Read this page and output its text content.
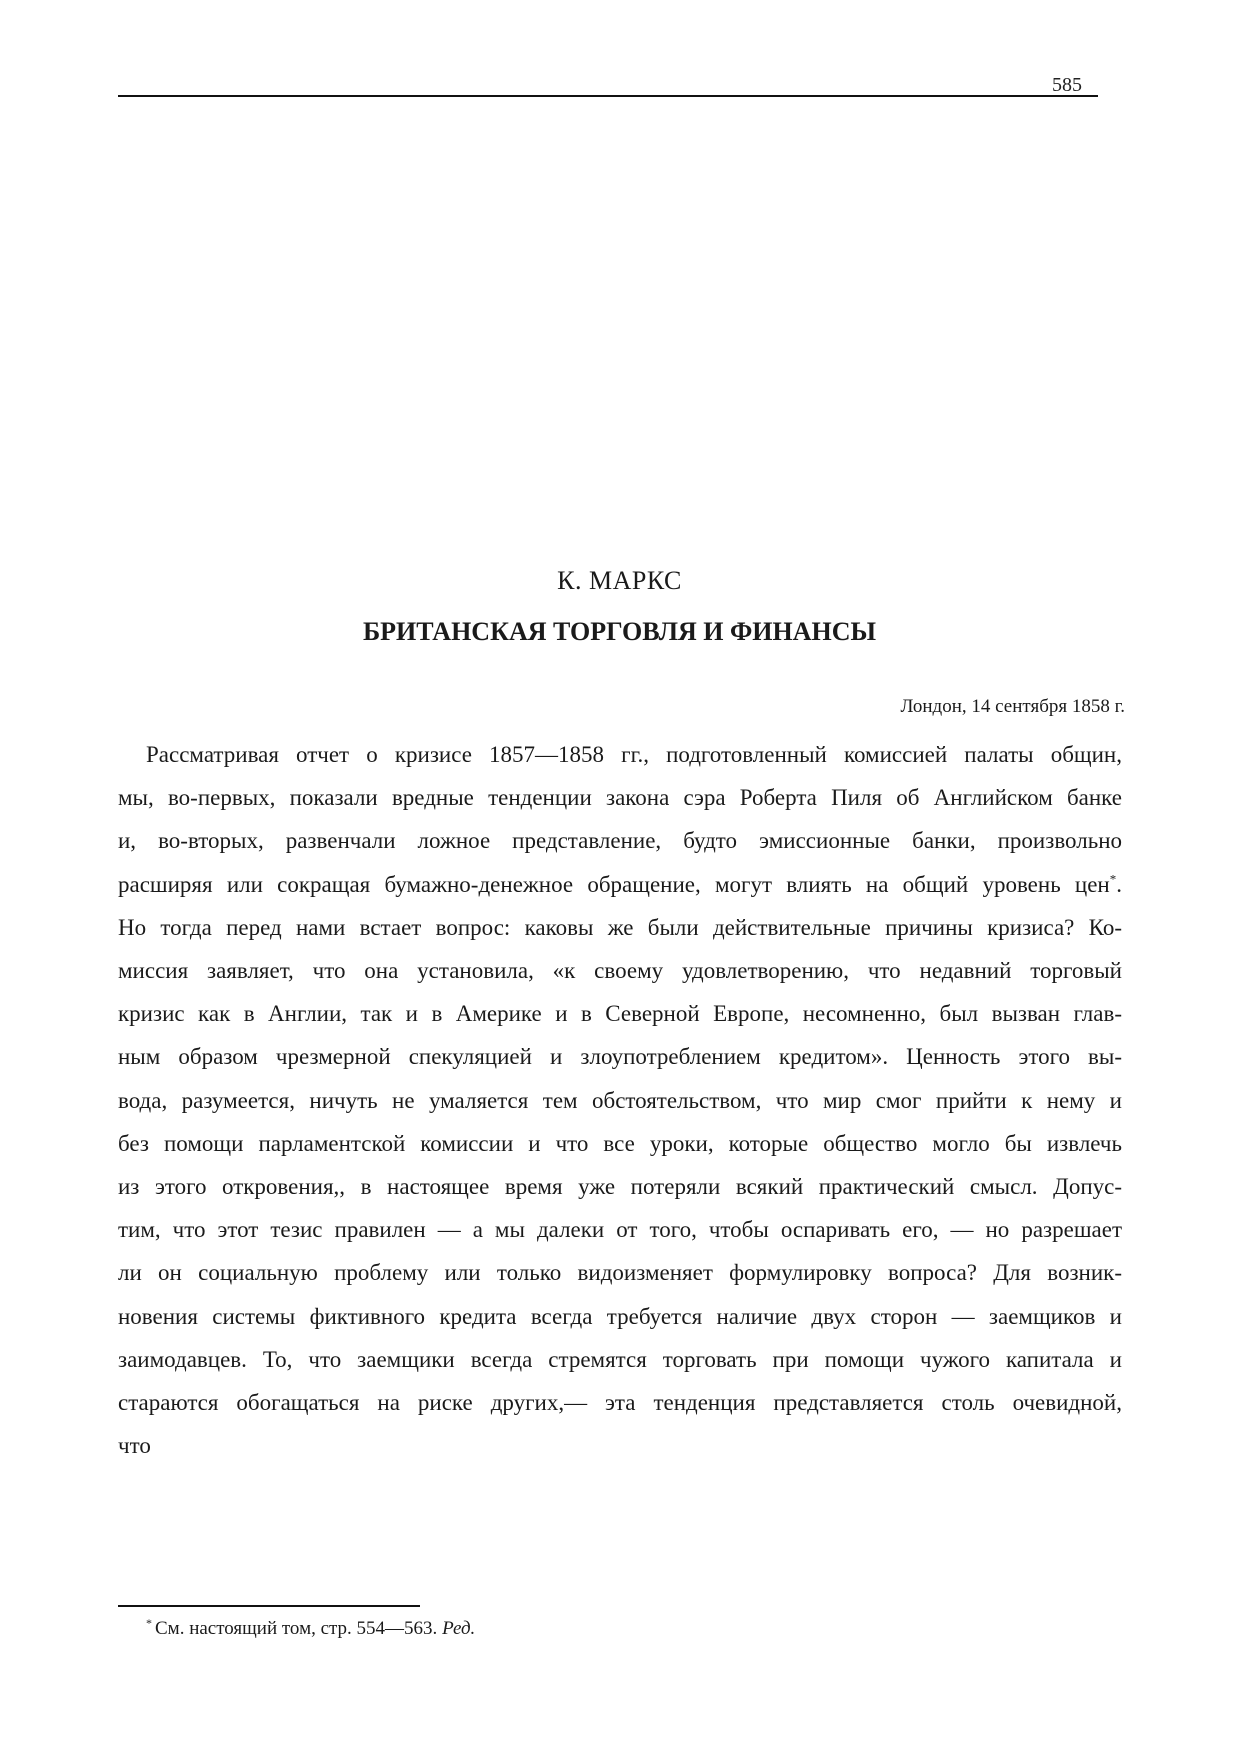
585
К. МАРКС
БРИТАНСКАЯ ТОРГОВЛЯ И ФИНАНСЫ
Лондон, 14 сентября 1858 г.
Рассматривая отчет о кризисе 1857—1858 гг., подготовленный комиссией палаты общин,
мы, во-первых, показали вредные тенденции закона сэра Роберта Пиля об Английском банке
и, во-вторых, развенчали ложное представление, будто эмиссионные банки, произвольно
расширяя или сокращая бумажно-денежное обращение, могут влиять на общий уровень цен*.
Но тогда перед нами встает вопрос: каковы же были действительные причины кризиса? Ко-
миссия заявляет, что она установила, «к своему удовлетворению, что недавний торговый
кризис как в Англии, так и в Америке и в Северной Европе, несомненно, был вызван глав-
ным образом чрезмерной спекуляцией и злоупотреблением кредитом». Ценность этого вы-
вода, разумеется, ничуть не умаляется тем обстоятельством, что мир смог прийти к нему и
без помощи парламентской комиссии и что все уроки, которые общество могло бы извлечь
из этого откровения,, в настоящее время уже потеряли всякий практический смысл. Допус-
тим, что этот тезис правилен — а мы далеки от того, чтобы оспаривать его, — но разрешает
ли он социальную проблему или только видоизменяет формулировку вопроса? Для возник-
новения системы фиктивного кредита всегда требуется наличие двух сторон — заемщиков и
заимодавцев. То, что заемщики всегда стремятся торговать при помощи чужого капитала и
стараются обогащаться на риске других,— эта тенденция представляется столь очевидной,
что
* См. настоящий том, стр. 554—563. Ред.
